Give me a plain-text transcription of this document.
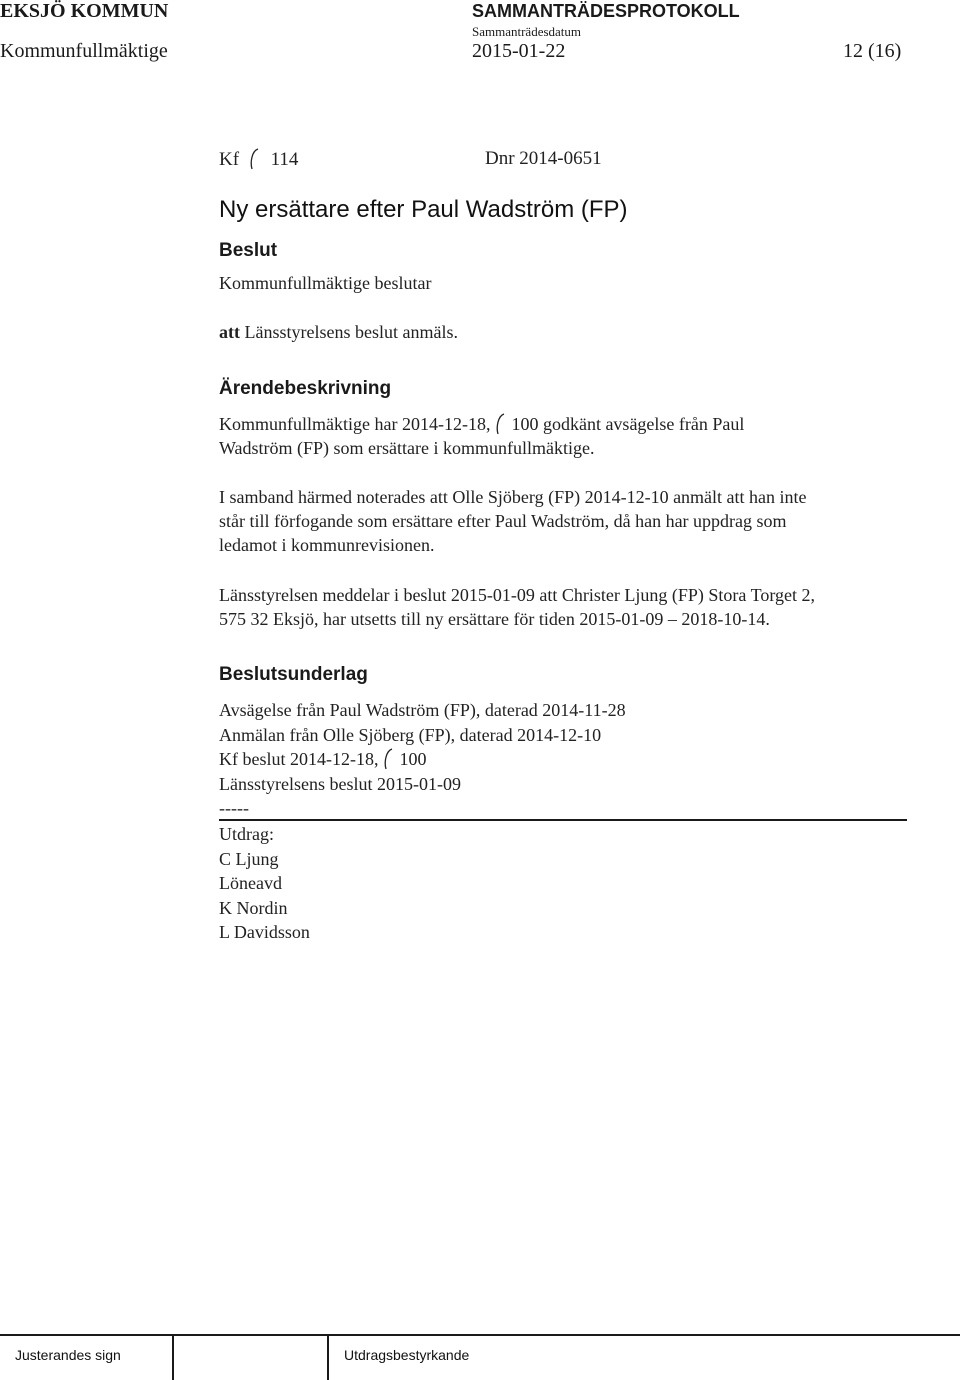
EKSJÖ KOMMUN	SAMMANTRÄDESPROTOKOLL
Sammanträdesdatum
Kommunfullmäktige	2015-01-22	12 (16)
Kf 114	Dnr 2014-0651
Ny ersättare efter Paul Wadström (FP)
Beslut
Kommunfullmäktige beslutar
att Länsstyrelsens beslut anmäls.
Ärendebeskrivning
Kommunfullmäktige har 2014-12-18, 100 godkänt avsägelse från Paul
Wadström (FP) som ersättare i kommunfullmäktige.
I samband härmed noterades att Olle Sjöberg (FP) 2014-12-10 anmält att han inte
står till förfogande som ersättare efter Paul Wadström, då han har uppdrag som
ledamot i kommunrevisionen.
Länsstyrelsen meddelar i beslut 2015-01-09 att Christer Ljung (FP) Stora Torget 2,
575 32 Eksjö, har utsetts till ny ersättare för tiden 2015-01-09 – 2018-10-14.
Beslutsunderlag
Avsägelse från Paul Wadström (FP), daterad 2014-11-28
Anmälan från Olle Sjöberg (FP), daterad 2014-12-10
Kf beslut 2014-12-18, 100
Länsstyrelsens beslut 2015-01-09
-----
Utdrag:
C Ljung
Löneavd
K Nordin
L Davidsson
Justerandes sign	Utdragsbestyrkande
